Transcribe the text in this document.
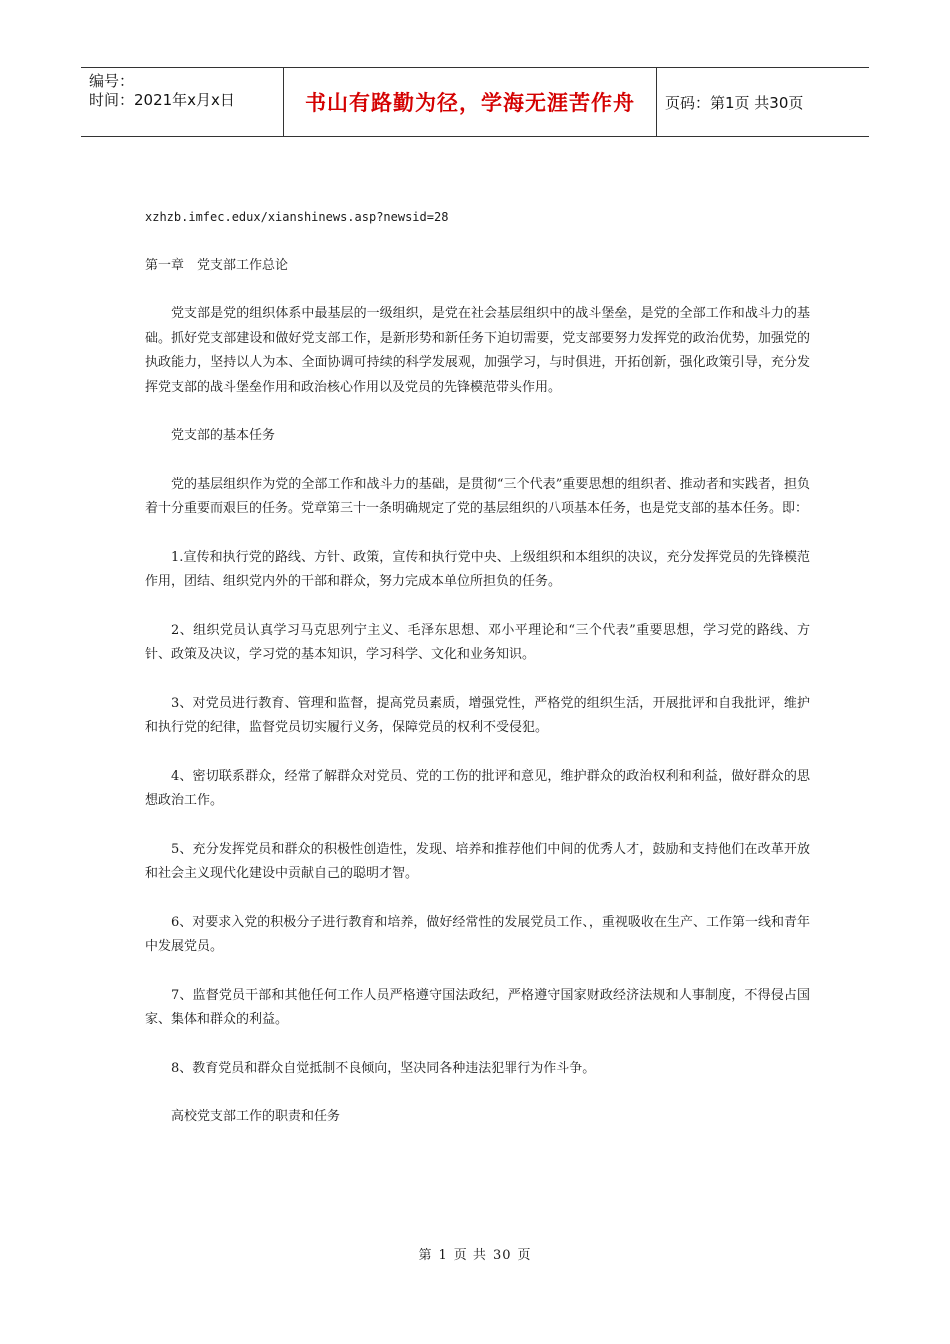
编号：
时间：2021年x月x日	书山有路勤为径，学海无涯苦作舟	页码：第1页 共30页

xzhzb.imfec.edux/xianshinews.asp?newsid=28

第一章　党支部工作总论

党支部是党的组织体系中最基层的一级组织，是党在社会基层组织中的战斗堡垒，是党的全部工作和战斗力的基础。抓好党支部建设和做好党支部工作，是新形势和新任务下迫切需要，党支部要努力发挥党的政治优势，加强党的执政能力，坚持以人为本、全面协调可持续的科学发展观，加强学习，与时俱进，开拓创新，强化政策引导，充分发挥党支部的战斗堡垒作用和政治核心作用以及党员的先锋模范带头作用。

党支部的基本任务

党的基层组织作为党的全部工作和战斗力的基础，是贯彻“三个代表”重要思想的组织者、推动者和实践者，担负着十分重要而艰巨的任务。党章第三十一条明确规定了党的基层组织的八项基本任务，也是党支部的基本任务。即：

1.宣传和执行党的路线、方针、政策，宣传和执行党中央、上级组织和本组织的决议，充分发挥党员的先锋模范作用，团结、组织党内外的干部和群众，努力完成本单位所担负的任务。

2、组织党员认真学习马克思列宁主义、毛泽东思想、邓小平理论和“三个代表”重要思想，学习党的路线、方针、政策及决议，学习党的基本知识，学习科学、文化和业务知识。

3、对党员进行教育、管理和监督，提高党员素质，增强党性，严格党的组织生活，开展批评和自我批评，维护和执行党的纪律，监督党员切实履行义务，保障党员的权利不受侵犯。

4、密切联系群众，经常了解群众对党员、党的工伤的批评和意见，维护群众的政治权利和利益，做好群众的思想政治工作。

5、充分发挥党员和群众的积极性创造性，发现、培养和推荐他们中间的优秀人才，鼓励和支持他们在改革开放和社会主义现代化建设中贡献自己的聪明才智。

6、对要求入党的积极分子进行教育和培养，做好经常性的发展党员工作、，重视吸收在生产、工作第一线和青年中发展党员。

7、监督党员干部和其他任何工作人员严格遵守国法政纪，严格遵守国家财政经济法规和人事制度，不得侵占国家、集体和群众的利益。

8、教育党员和群众自觉抵制不良倾向，坚决同各种违法犯罪行为作斗争。

高校党支部工作的职责和任务

第 1 页 共 30 页
